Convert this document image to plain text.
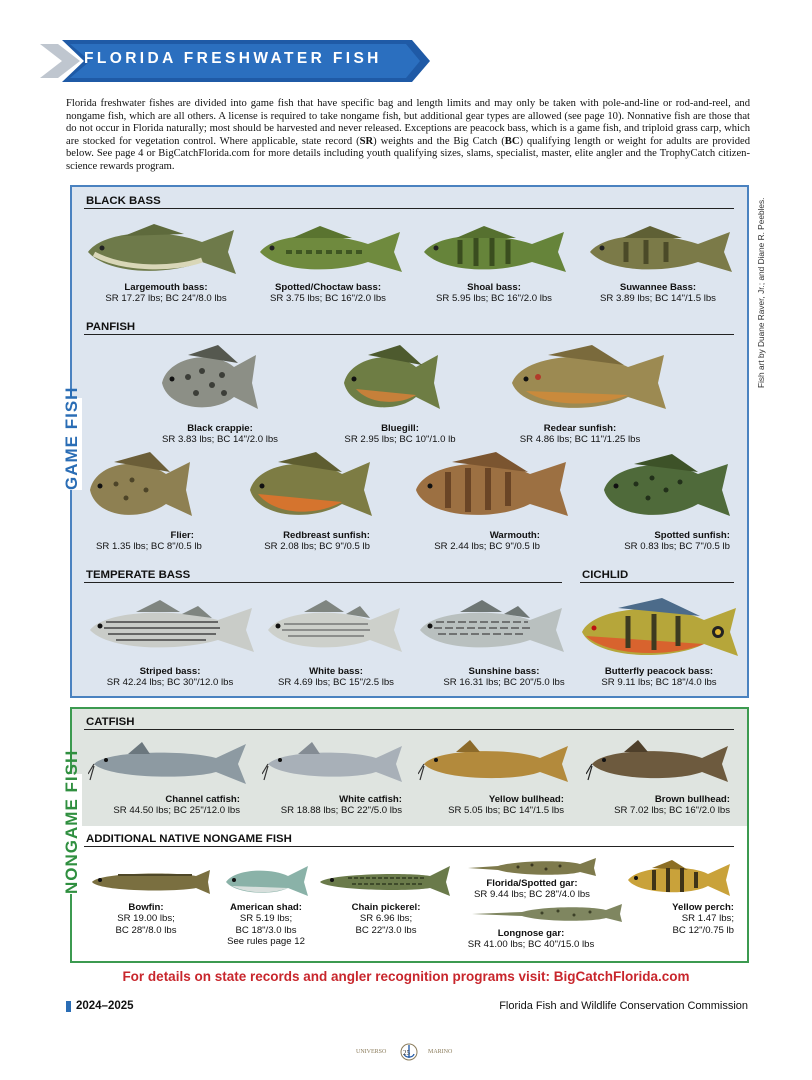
FLORIDA FRESHWATER FISH
Florida freshwater fishes are divided into game fish that have specific bag and length limits and may only be taken with pole-and-line or rod-and-reel, and nongame fish, which are all others. A license is required to take nongame fish, but additional gear types are allowed (see page 10). Nonnative fish are those that do not occur in Florida naturally; most should be harvested and never released. Exceptions are peacock bass, which is a game fish, and triploid grass carp, which are stocked for vegetation control. Where applicable, state record (SR) weights and the Big Catch (BC) qualifying length or weight for adults are provided below. See page 4 or BigCatchFlorida.com for more details including youth qualifying sizes, slams, specialist, master, elite angler and the TrophyCatch citizen-science rewards program.
Fish art by Duane Raver, Jr.; and Diane R. Peebles.
GAME FISH
BLACK BASS
Largemouth bass:
SR 17.27 lbs; BC 24"/8.0 lbs
Spotted/Choctaw bass:
SR 3.75 lbs; BC 16"/2.0 lbs
Shoal bass:
SR 5.95 lbs; BC 16"/2.0 lbs
Suwannee Bass:
SR 3.89 lbs; BC 14"/1.5 lbs
PANFISH
Black crappie:
SR 3.83 lbs; BC 14"/2.0 lbs
Bluegill:
SR 2.95 lbs; BC 10"/1.0 lb
Redear sunfish:
SR 4.86 lbs; BC 11"/1.25 lbs
Flier:
SR 1.35 lbs; BC 8"/0.5 lb
Redbreast sunfish:
SR 2.08 lbs; BC 9"/0.5 lb
Warmouth:
SR 2.44 lbs; BC 9"/0.5 lb
Spotted sunfish:
SR 0.83 lbs; BC 7"/0.5 lb
TEMPERATE BASS	CICHLID
Striped bass:
SR 42.24 lbs; BC 30"/12.0 lbs
White bass:
SR 4.69 lbs; BC 15"/2.5 lbs
Sunshine bass:
SR 16.31 lbs; BC 20"/5.0 lbs
Butterfly peacock bass:
SR 9.11 lbs; BC 18"/4.0 lbs
NONGAME FISH
CATFISH
Channel catfish:
SR 44.50 lbs; BC 25"/12.0 lbs
White catfish:
SR 18.88 lbs; BC 22"/5.0 lbs
Yellow bullhead:
SR 5.05 lbs; BC 14"/1.5 lbs
Brown bullhead:
SR 7.02 lbs; BC 16"/2.0 lbs
ADDITIONAL NATIVE NONGAME FISH
Bowfin:
SR 19.00 lbs;
BC 28"/8.0 lbs
American shad:
SR 5.19 lbs;
BC 18"/3.0 lbs
See rules page 12
Chain pickerel:
SR 6.96 lbs;
BC 22"/3.0 lbs
Florida/Spotted gar:
SR 9.44 lbs; BC 28"/4.0 lbs
Longnose gar:
SR 41.00 lbs; BC 40"/15.0 lbs
Yellow perch:
SR 1.47 lbs;
BC 12"/0.75 lb
For details on state records and angler recognition programs visit: BigCatchFlorida.com
2024–2025	Florida Fish and Wildlife Conservation Commission
UNIVERSO 25	MARINO
